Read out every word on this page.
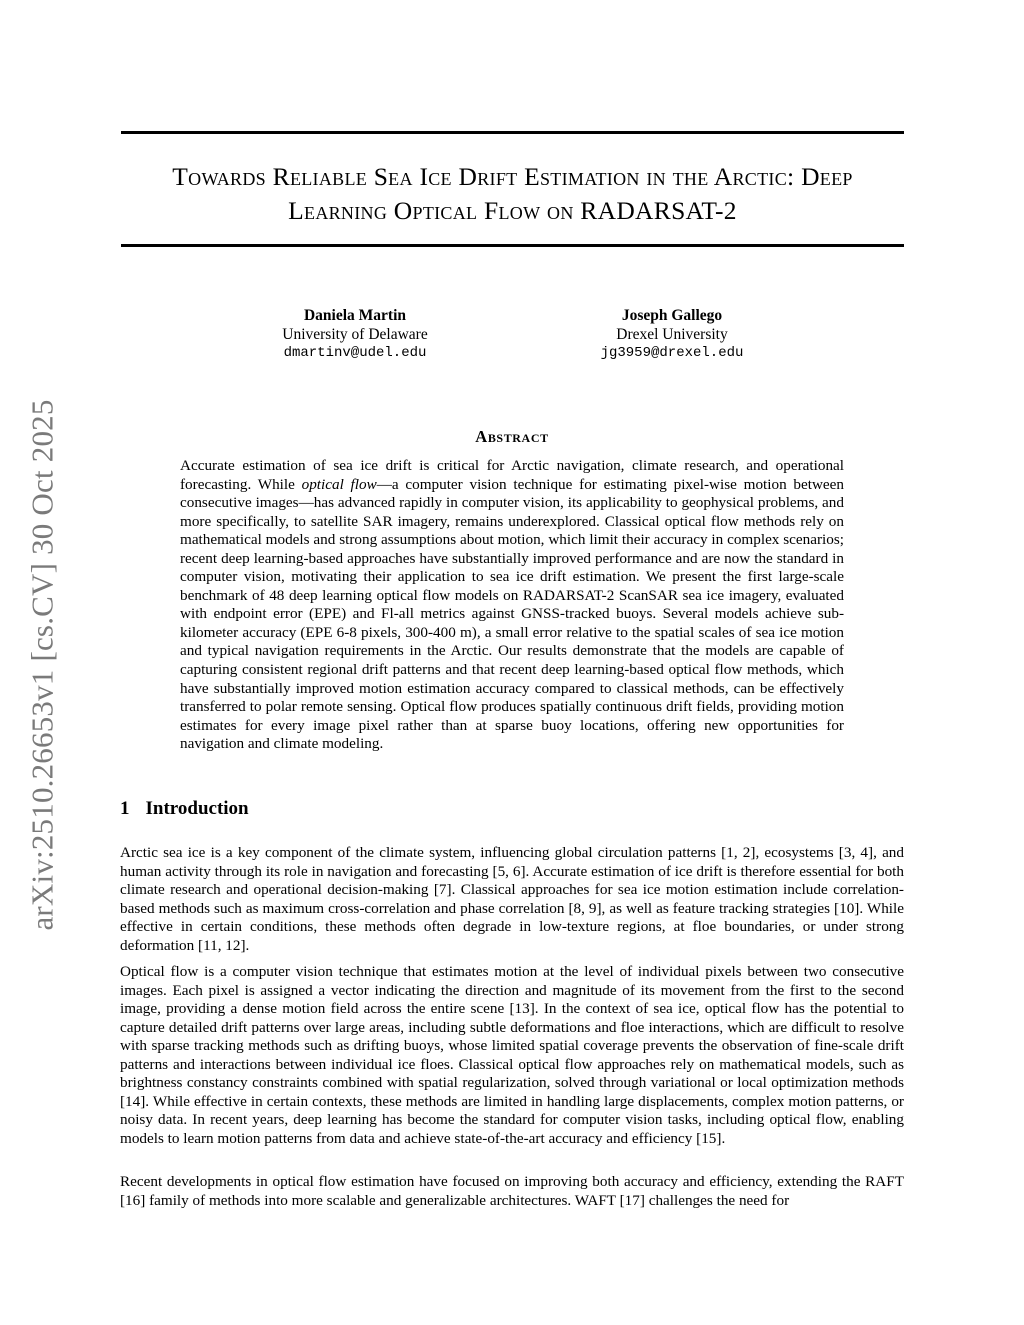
arXiv:2510.26653v1 [cs.CV] 30 Oct 2025
Towards Reliable Sea Ice Drift Estimation in the Arctic: Deep Learning Optical Flow on RADARSAT-2
Daniela Martin
University of Delaware
dmartinv@udel.edu
Joseph Gallego
Drexel University
jg3959@drexel.edu
Abstract

Accurate estimation of sea ice drift is critical for Arctic navigation, climate research, and operational forecasting. While optical flow—a computer vision technique for estimating pixel-wise motion between consecutive images—has advanced rapidly in computer vision, its applicability to geophysical problems, and more specifically, to satellite SAR imagery, remains underexplored. Classical optical flow methods rely on mathematical models and strong assumptions about motion, which limit their accuracy in complex scenarios; recent deep learning-based approaches have substantially improved performance and are now the standard in computer vision, motivating their application to sea ice drift estimation. We present the first large-scale benchmark of 48 deep learning optical flow models on RADARSAT-2 ScanSAR sea ice imagery, evaluated with endpoint error (EPE) and Fl-all metrics against GNSS-tracked buoys. Several models achieve sub-kilometer accuracy (EPE 6-8 pixels, 300-400 m), a small error relative to the spatial scales of sea ice motion and typical navigation requirements in the Arctic. Our results demonstrate that the models are capable of capturing consistent regional drift patterns and that recent deep learning-based optical flow methods, which have substantially improved motion estimation accuracy compared to classical methods, can be effectively transferred to polar remote sensing. Optical flow produces spatially continuous drift fields, providing motion estimates for every image pixel rather than at sparse buoy locations, offering new opportunities for navigation and climate modeling.

1 Introduction

Arctic sea ice is a key component of the climate system, influencing global circulation patterns [1, 2], ecosystems [3, 4], and human activity through its role in navigation and forecasting [5, 6]. Accurate estimation of ice drift is therefore essential for both climate research and operational decision-making [7]. Classical approaches for sea ice motion estimation include correlation-based methods such as maximum cross-correlation and phase correlation [8, 9], as well as feature tracking strategies [10]. While effective in certain conditions, these methods often degrade in low-texture regions, at floe boundaries, or under strong deformation [11, 12].

Optical flow is a computer vision technique that estimates motion at the level of individual pixels between two consecutive images. Each pixel is assigned a vector indicating the direction and magnitude of its movement from the first to the second image, providing a dense motion field across the entire scene [13]. In the context of sea ice, optical flow has the potential to capture detailed drift patterns over large areas, including subtle deformations and floe interactions, which are difficult to resolve with sparse tracking methods such as drifting buoys, whose limited spatial coverage prevents the observation of fine-scale drift patterns and interactions between individual ice floes. Classical optical flow approaches rely on mathematical models, such as brightness constancy constraints combined with spatial regularization, solved through variational or local optimization methods [14]. While effective in certain contexts, these methods are limited in handling large displacements, complex motion patterns, or noisy data. In recent years, deep learning has become the standard for computer vision tasks, including optical flow, enabling models to learn motion patterns from data and achieve state-of-the-art accuracy and efficiency [15].

Recent developments in optical flow estimation have focused on improving both accuracy and efficiency, extending the RAFT [16] family of methods into more scalable and generalizable architectures. WAFT [17] challenges the need for
